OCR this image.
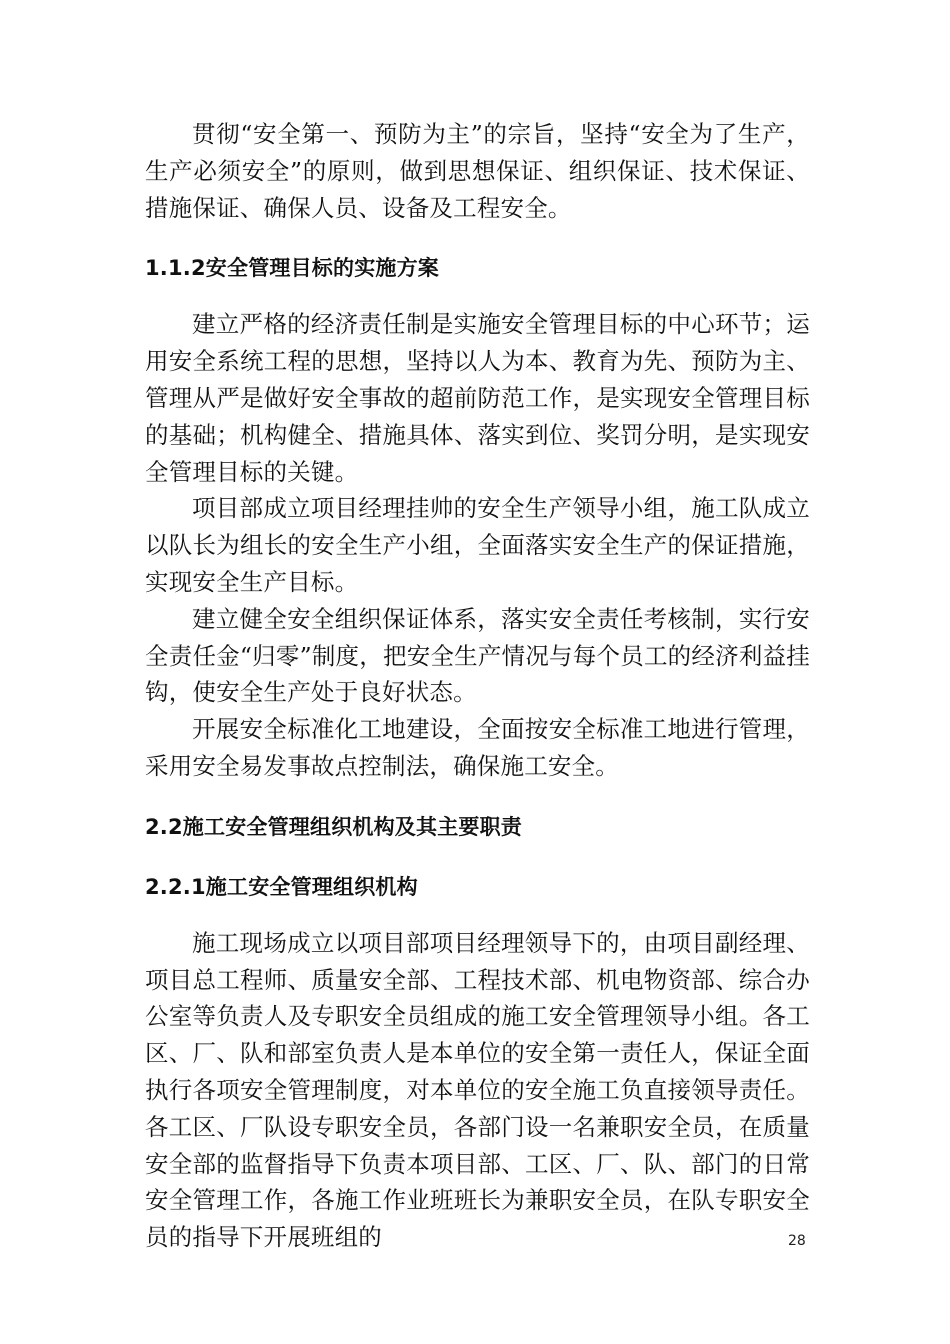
贯彻“安全第一、预防为主”的宗旨，坚持“安全为了生产，生产必须安全”的原则，做到思想保证、组织保证、技术保证、措施保证、确保人员、设备及工程安全。

1.1.2安全管理目标的实施方案

建立严格的经济责任制是实施安全管理目标的中心环节；运用安全系统工程的思想，坚持以人为本、教育为先、预防为主、管理从严是做好安全事故的超前防范工作，是实现安全管理目标的基础；机构健全、措施具体、落实到位、奖罚分明，是实现安全管理目标的关键。

项目部成立项目经理挂帅的安全生产领导小组，施工队成立以队长为组长的安全生产小组，全面落实安全生产的保证措施，实现安全生产目标。

建立健全安全组织保证体系，落实安全责任考核制，实行安全责任金“归零”制度，把安全生产情况与每个员工的经济利益挂钩，使安全生产处于良好状态。

开展安全标准化工地建设，全面按安全标准工地进行管理，采用安全易发事故点控制法，确保施工安全。

2.2施工安全管理组织机构及其主要职责
2.2.1施工安全管理组织机构

施工现场成立以项目部项目经理领导下的，由项目副经理、项目总工程师、质量安全部、工程技术部、机电物资部、综合办公室等负责人及专职安全员组成的施工安全管理领导小组。各工区、厂、队和部室负责人是本单位的安全第一责任人，保证全面执行各项安全管理制度，对本单位的安全施工负直接领导责任。各工区、厂队设专职安全员，各部门设一名兼职安全员，在质量安全部的监督指导下负责本项目部、工区、厂、队、部门的日常安全管理工作，各施工作业班班长为兼职安全员，在队专职安全员的指导下开展班组的	28
